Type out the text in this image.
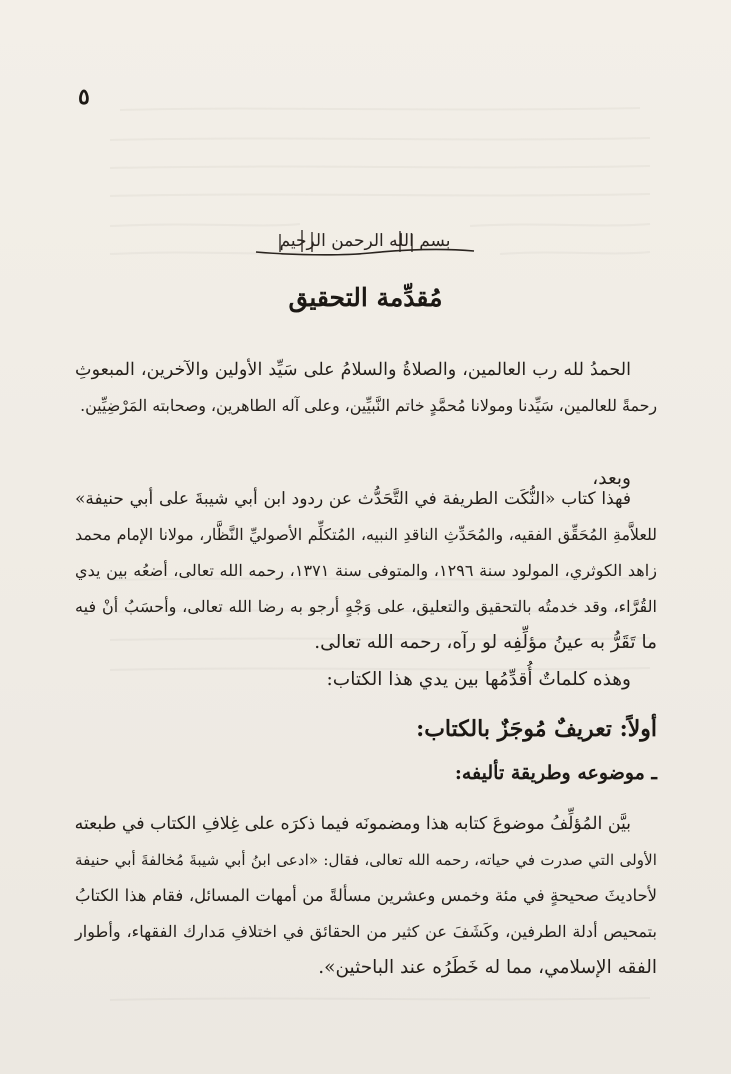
٥
بسم الله الرحمن الرحيم
مُقدِّمة التحقيق
الحمدُ لله رب العالمين، والصلاةُ والسلامُ على سَيِّد الأولين والآخرين، المبعوثِ
رحمةً للعالمين، سَيِّدنا ومولانا مُحمَّدٍ خاتم النَّبيِّين، وعلى آله الطاهرين، وصحابته المَرْضِيِّين.
وبعد،
فهذا كتاب «النُّكَت الطريفة في التَّحَدُّث عن ردود ابن أبي شيبةَ على أبي حنيفة»
للعلاَّمةِ المُحَقِّق الفقيه، والمُحَدِّثِ الناقدِ النبيه، المُتكلِّم الأصوليِّ النَّظَّار، مولانا الإمام محمد
زاهد الكوثري، المولود سنة ١٢٩٦، والمتوفى سنة ١٣٧١، رحمه الله تعالى، أضعُه بين يدي
القُرَّاء، وقد خدمتُه بالتحقيق والتعليق، على وَجْهٍ أرجو به رضا الله تعالى، وأحسَبُ أنْ فيه
ما تَقَرُّ به عينُ مؤلِّفِه لو رآه، رحمه الله تعالى.
وهذه كلماتٌ أُقدِّمُها بين يدي هذا الكتاب:
أولاً: تعريفٌ مُوجَزٌ بالكتاب:
ـ موضوعه وطريقة تأليفه:
بيَّن المُؤلِّفُ موضوعَ كتابه هذا ومضمونَه فيما ذكرَه على غِلافِ الكتاب في طبعته
الأولى التي صدرت في حياته، رحمه الله تعالى، فقال: «ادعى ابنُ أبي شيبةَ مُخالفةَ أبي حنيفة
لأحاديثَ صحيحةٍ في مئة وخمس وعشرين مسألةً من أمهات المسائل، فقام هذا الكتابُ
بتمحيص أدلة الطرفين، وكَشَفَ عن كثير من الحقائق في اختلافِ مَدارك الفقهاء، وأطوار
الفقه الإسلامي، مما له خَطَرُه عند الباحثين».
